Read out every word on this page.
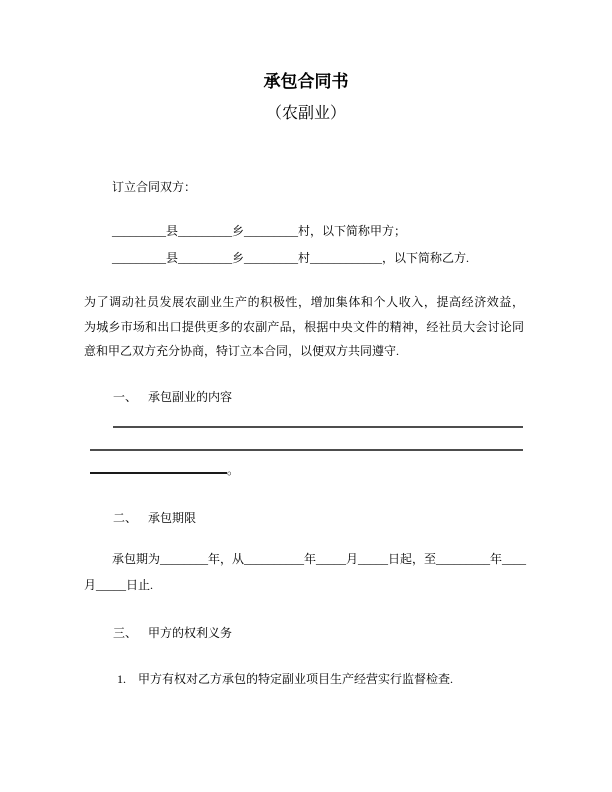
承包合同书
（农副业）
订立合同双方：
_________县_________乡_________村，以下简称甲方；
_________县_________乡_________村____________，以下简称乙方.
为了调动社员发展农副业生产的积极性，增加集体和个人收入，提高经济效益，
为城乡市场和出口提供更多的农副产品，根据中央文件的精神，经社员大会讨论同
意和甲乙双方充分协商，特订立本合同，以便双方共同遵守.
一、 承包副业的内容
。
二、 承包期限
承包期为________年，从__________年_____月_____日起，至_________年____
月_____日止.
三、 甲方的权利义务
1. 甲方有权对乙方承包的特定副业项目生产经营实行监督检查.
